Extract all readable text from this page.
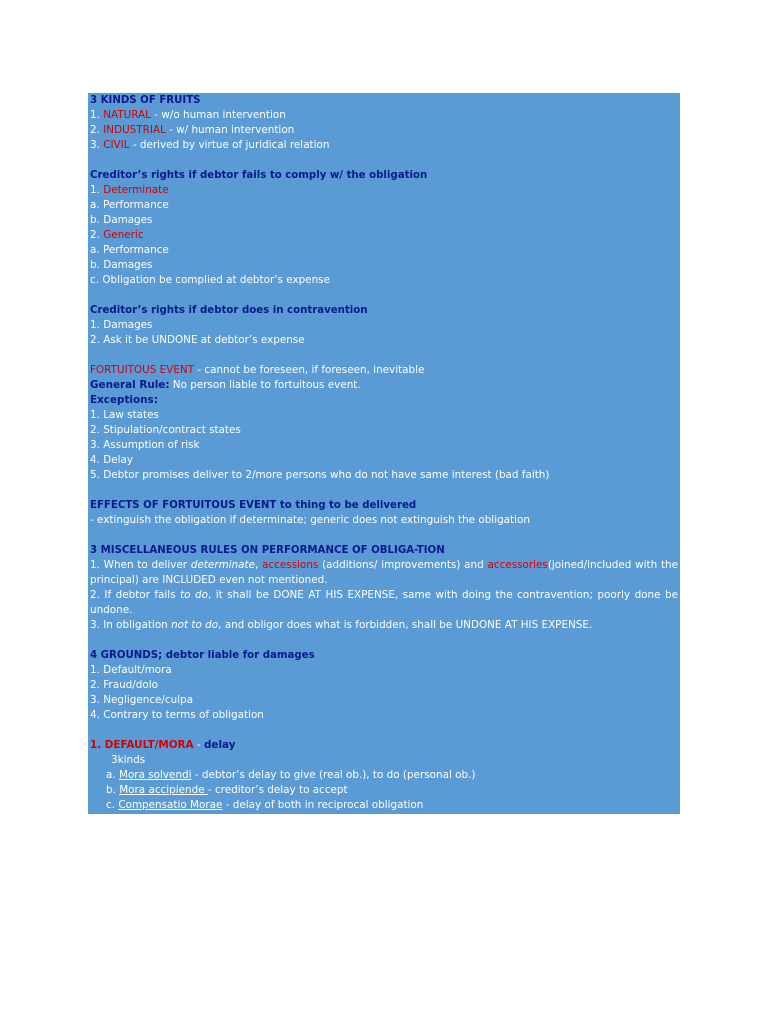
3 KINDS OF FRUITS
1. NATURAL - w/o human intervention
2. INDUSTRIAL - w/ human intervention
3. CIVIL - derived by virtue of juridical relation
Creditor’s rights if debtor fails to comply w/ the obligation
1. Determinate
a. Performance
b. Damages
2. Generic
a. Performance
b. Damages
c. Obligation be complied at debtor’s expense
Creditor’s rights if debtor does in contravention
1. Damages
2. Ask it be UNDONE at debtor’s expense
FORTUITOUS EVENT - cannot be foreseen, if foreseen, inevitable
General Rule: No person liable to fortuitous event.
Exceptions:
1. Law states
2. Stipulation/contract states
3. Assumption of risk
4. Delay
5. Debtor promises deliver to 2/more persons who do not have same interest (bad faith)
EFFECTS OF FORTUITOUS EVENT to thing to be delivered
- extinguish the obligation if determinate; generic does not extinguish the obligation
3 MISCELLANEOUS RULES ON PERFORMANCE OF OBLIGA-TION
1. When to deliver determinate, accessions (additions/ improvements) and accessories(joined/included with the principal) are INCLUDED even not mentioned.
2. If debtor fails to do, it shall be DONE AT HIS EXPENSE, same with doing the contravention; poorly done be undone.
3. In obligation not to do, and obligor does what is forbidden, shall be UNDONE AT HIS EXPENSE.
4 GROUNDS; debtor liable for damages
1. Default/mora
2. Fraud/dolo
3. Negligence/culpa
4. Contrary to terms of obligation
1. DEFAULT/MORA - delay
3kinds
a. Mora solvendi - debtor’s delay to give (real ob.), to do (personal ob.)
b. Mora accipiende - creditor’s delay to accept
c. Compensatio Morae - delay of both in reciprocal obligation
